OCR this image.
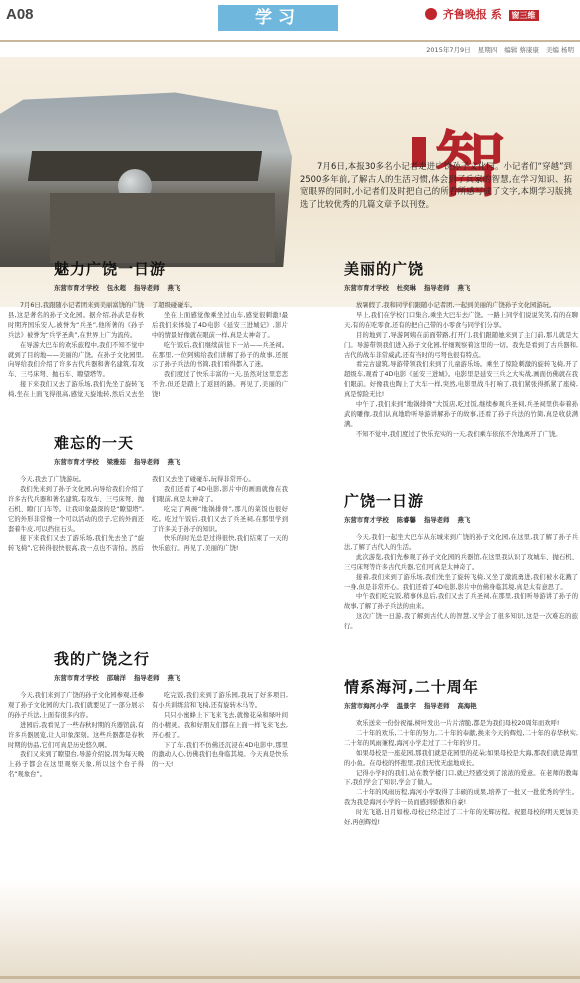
A08	学习	齐鲁晚报 系 窗三维
2015年7月9日 星期四 编辑 蔡康康 美编 杨明
智
7月6日,本报30多名小记者走进广饶孙子文化园。小记者们“穿越”到2500多年前,了解古人的生活习惯,体会到了兵家的智慧,在学习知识、拓宽眼界的同时,小记者们及时把自己的所看所感写成了文字,本期学习版挑选了比较优秀的几篇文章予以刊登。
魅力广饶一日游
东营市育才学校 包永超 指导老师 燕飞

7月6日,我跟随小记者团来到美丽富饶的广饶县,这是著名的孙子文化园。据介绍,孙武是春秋时期齐国乐安人,被誉为“兵圣”,他所著的《孙子兵法》被誉为“兵学圣典”,在世界上广为流传。

在导游大巴车的欢乐旅程中,我们不知不觉中就到了目的地——美丽的广饶。在孙子文化园里,向导给我们介绍了许多古代兵器和著名建筑,有攻车、三弓床弩、抛石车、瞭望塔等。

接下来我们又去了游乐场,我们先坐了旋转飞椅,坐在上面飞得很高,感觉天旋地转,然后又去坐了超级碰碰车。

坐在上面感觉像乘坐过山车,感觉很刺激!最后我们来体验了4D电影《延安三进城记》,影片中的情景好像就在眼前一样,真是太神奇了。

吃午饭后,我们继续前往下一站——兵圣祠。在那里,一位阿姨给我们讲解了孙子的故事,还展示了孙子兵法的书简,我们看得都入了迷。

我们度过了快乐丰富的一天,虽然对这里恋恋不舍,但还是踏上了返回的路。再见了,美丽的广饶!

难忘的一天
东营市育才学校 梁雅茹 指导老师 燕飞

今天,我去了广饶游玩。

我们先来到了孙子文化园,向导给我们介绍了许多古代兵器和著名建筑,有攻车、三弓床弩、抛石机、瞭门门车等。让我印象最深的是“瞭望塔”,它的外形非常像一个可以活动的房子,它的外面还套着牛皮,可以挡住石头。

接下来我们又去了游乐场,我们先去坐了“旋转飞椅”,它转得很快很高,我一点也不害怕。然后我们又去坐了碰碰车,玩得非常开心。

我们还看了4D电影,影片中的画面就像在我们眼前,真是太神奇了。

吃完了两碗“地锅排骨”,那儿的菜饭也很好吃。吃过午饭后,我们又去了兵圣祠,在那里学到了许多关于孙子的知识。

快乐的时光总是过得很快,我们结束了一天的快乐旅行。再见了,美丽的广饶!

我的广饶之行
东营市育才学校 邵瑞洋 指导老师 燕飞

今天,我们来到了广饶的孙子文化园参观,还参观了孙子文化园的大门,我们就要见了一部分展示的孙子兵法,上面有很多内容。

进园后,我看见了一些春秋时期的兵器馆前,有许多兵器展览,让人印象深刻。这些兵器都是春秋时期的仿品,它们可真是历史悠久啊。

我们又来到了瞭望台,导游介绍说,因为每天晚上孙子都会在这里观察天象,所以这个台子得名“观象台”。

吃完饭,我们来到了游乐园,我玩了好多项目,有小兵训练营和飞椅,还有旋转木马等。

只只小蜜蜂上下飞来飞去,就像花朵和绿叶间的小精灵。我和好朋友们都在上面一样飞来飞去,开心极了。

下了车,我们不仿佛还沉浸在4D电影中,那里的激动人心,仿佛我们也身临其境。今天真是快乐的一天!

美丽的广饶
东营市育才学校 杜奕琳 指导老师 燕飞

放暑假了,我和同学们跟随小记者团,一起到美丽的广饶孙子文化园游玩。

早上,我们在学校门口集合,乘坐大巴车去广饶。一路上同学们说说笑笑,有的在聊天,有的在吃零食,还有的把自己带的小零食与同学们分享。

目的地到了,导游阿姨在前面带路,打开门,我们跟随她来到了主门前,那儿就是大门。导游带领我们进入孙子文化园,仔细观察着这里的一切。我先是看到了古兵器和,古代的战车非常威武,还有当时的弓弩也很有特点。

看完古建筑,导游带领我们来到了儿童游乐场。乘坐了惊险刺激的旋转飞椅,开了超级车,观看了4D电影《延安三进城》。电影里是延安三兵之大实战,画面仿佛就在我们眼前。好像我也陶上了大车一样,突然,电影里战斗打响了,我们紧张得抓紧了座椅,真是惊险无比!

中午了,我们来到“地锅排骨”大饭店,吃过饭,继续参观兵圣祠,兵圣祠里供奉着孙武的雕像,我们认真地聆听导游讲解孙子的故事,还看了孙子兵法的竹简,真是收获满满。

不知不觉中,我们度过了快乐充实的一天,我们乘车依依不舍地离开了广饶。

广饶一日游
东营市育才学校 陈睿馨 指导老师 燕飞

今天,我们一起坐大巴车从东城来到广饶的孙子文化园,在这里,我了解了孙子兵法,了解了古代人的生活。

此次游览,我们先参观了孙子文化园的兵器馆,在这里我认识了攻城车、抛石机、三弓床弩等许多古代兵器,它们可真是太神奇了。

接着,我们来到了游乐场,我们先坐了旋转飞椅,又坐了激流勇进,我们被水花溅了一身,但是非常开心。我们还看了4D电影,影片中仿佛身临其境,真是太有意思了。

中午我们吃完饭,稍事休息后,我们又去了兵圣祠,在那里,我们听导游讲了孙子的故事,了解了孙子兵法的由来。

这次广饶一日游,我了解到古代人的智慧,又学会了很多知识,这是一次难忘的旅行。

情系海河,二十周年
东营市海河小学 温景字 指导老师 高海艳

欢乐送来一份份祝福,树叶发出一片片清脆,都是为我们母校20周年而欢呼!

二十年的欢乐,二十年的努力,二十年的奉献,换来今天的辉煌,二十年的春华秋实,二十年的风雨兼程,海河小学走过了二十年的岁月。

如果母校是一座花园,那我们就是花园里的花朵;如果母校是大海,那我们就是海里的小鱼。在母校的怀抱里,我们无忧无虑地成长。

记得小学时的我们,站在教学楼门口,就已经感受到了浓浓的爱意。在老师的教诲下,我们学会了知识,学会了做人。

二十年的风雨历程,海河小学取得了丰硕的成果,培养了一批又一批优秀的学生。我为我是海河小学的一员而感到骄傲和自豪!

时光飞逝,日月如梭,母校已经走过了二十年的光辉历程。祝愿母校的明天更加美好,再创辉煌!
